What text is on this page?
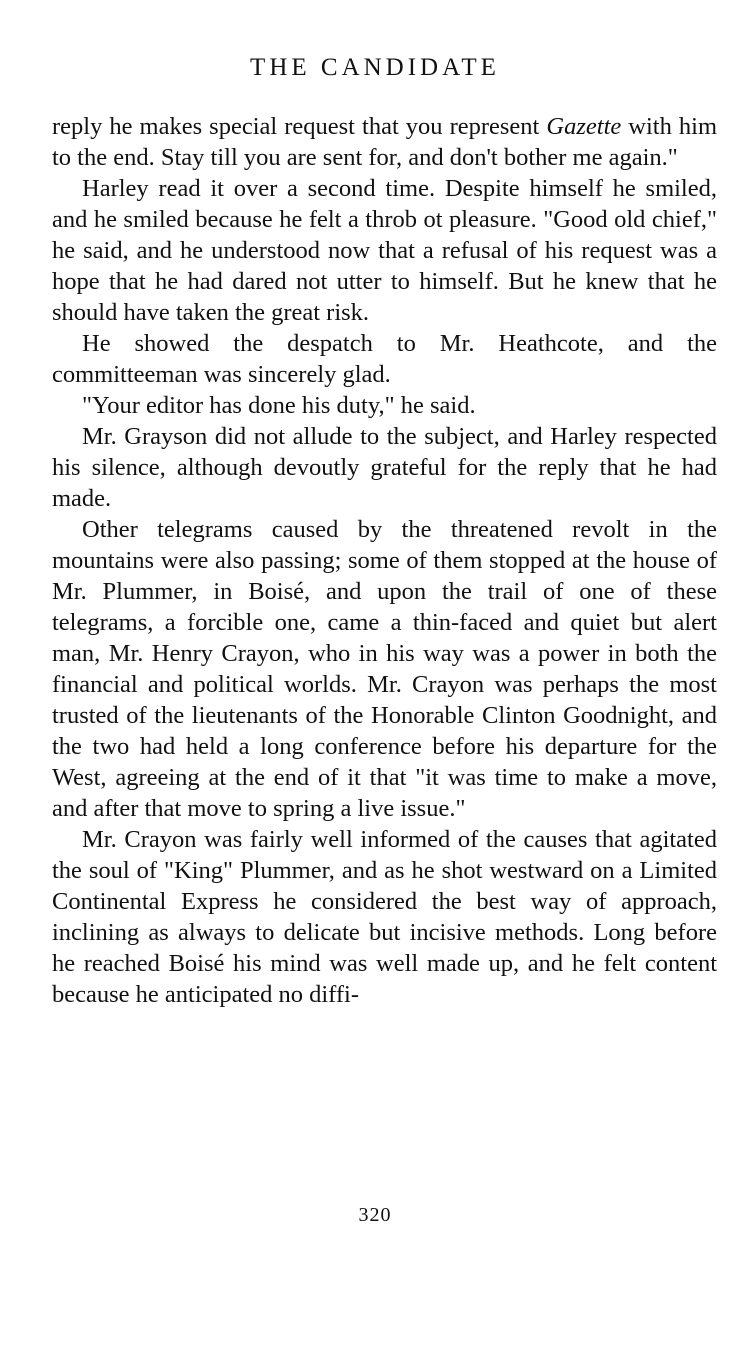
THE CANDIDATE

reply he makes special request that you represent Gazette with him to the end. Stay till you are sent for, and don't bother me again."

Harley read it over a second time. Despite himself he smiled, and he smiled because he felt a throb ot pleasure. "Good old chief," he said, and he understood now that a refusal of his request was a hope that he had dared not utter to himself. But he knew that he should have taken the great risk.

He showed the despatch to Mr. Heathcote, and the committeeman was sincerely glad.

"Your editor has done his duty," he said.

Mr. Grayson did not allude to the subject, and Harley respected his silence, although devoutly grateful for the reply that he had made.

Other telegrams caused by the threatened revolt in the mountains were also passing; some of them stopped at the house of Mr. Plummer, in Boisé, and upon the trail of one of these telegrams, a forcible one, came a thin-faced and quiet but alert man, Mr. Henry Crayon, who in his way was a power in both the financial and political worlds. Mr. Crayon was perhaps the most trusted of the lieutenants of the Honorable Clinton Goodnight, and the two had held a long conference before his departure for the West, agreeing at the end of it that "it was time to make a move, and after that move to spring a live issue."

Mr. Crayon was fairly well informed of the causes that agitated the soul of "King" Plummer, and as he shot westward on a Limited Continental Express he considered the best way of approach, inclining as always to delicate but incisive methods. Long before he reached Boisé his mind was well made up, and he felt content because he anticipated no diffi-

320
